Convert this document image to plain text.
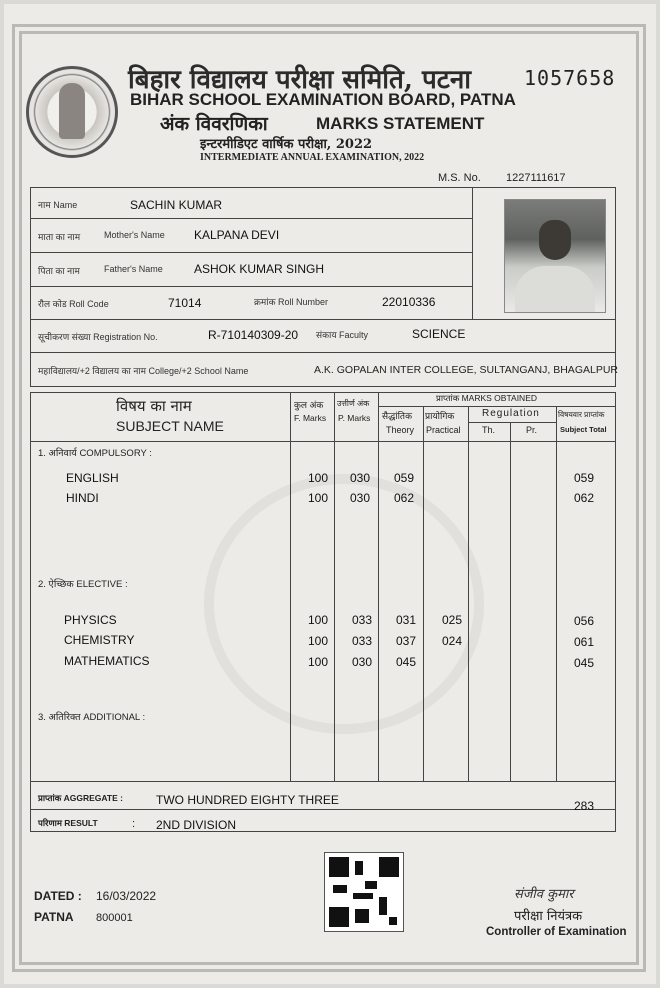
बिहार विद्यालय परीक्षा समिति, पटना	1057658
BIHAR SCHOOL EXAMINATION BOARD, PATNA
अंक विवरणिका	MARKS STATEMENT
इन्टरमीडिएट वार्षिक परीक्षा, 2022
INTERMEDIATE ANNUAL EXAMINATION, 2022
M.S. No. 1227111617
नाम Name	SACHIN KUMAR
माता का नाम	Mother's Name KALPANA DEVI
पिता का नाम	Father's Name	ASHOK KUMAR SINGH
रौल कोड Roll Code	71014	क्रमांक Roll Number	22010336
सूचीकरण संख्या Registration No.	R-710140309-20 संकाय Faculty	SCIENCE
महाविद्यालय/+2 विद्यालय का नाम College/+2 School Name	A.K. GOPALAN INTER COLLEGE, SULTANGANJ, BHAGALPUR
विषय का नाम
SUBJECT NAME
कुल अंक
F. Marks
उत्तीर्ण अंक
P. Marks
प्राप्तांक MARKS OBTAINED
सैद्धांतिक
Theory
प्रायोगिक
Practical
Regulation
Th.	Pr.
विषयवार प्राप्तांक
Subject Total
1. अनिवार्य COMPULSORY :
ENGLISH	100 030 059	059
HINDI	100 030 062	062
2. ऐच्छिक ELECTIVE :
PHYSICS	100 033 031 025	056
CHEMISTRY	100 033 037 024	061
MATHEMATICS	100 030 045	045
3. अतिरिक्त ADDITIONAL :
प्राप्तांक AGGREGATE :	TWO HUNDRED EIGHTY THREE	283
परिणाम RESULT	: 2ND DIVISION
DATED : 16/03/2022
PATNA 800001
संजीव कुमार
परीक्षा नियंत्रक
Controller of Examination
